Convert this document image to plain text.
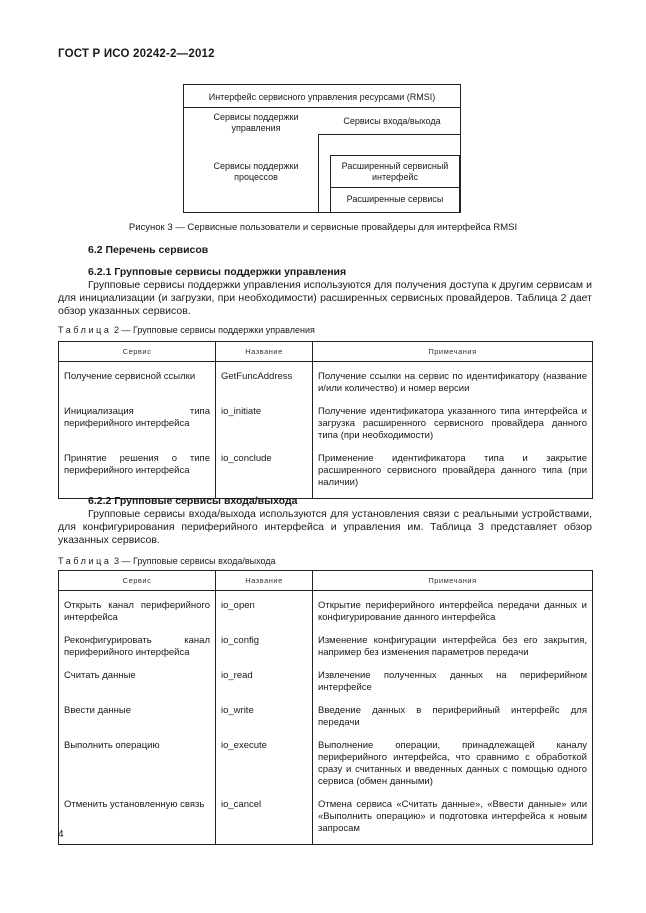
ГОСТ Р ИСО 20242-2—2012
Интерфейс сервисного управления ресурсами (RMSI)
Сервисы поддержки управления
Сервисы поддержки процессов
Сервисы входа/выхода
Расширенный сервисный интерфейс
Расширенные сервисы
Рисунок 3 — Сервисные пользователи и сервисные провайдеры для интерфейса RMSI
6.2 Перечень сервисов
6.2.1 Групповые сервисы поддержки управления
Групповые сервисы поддержки управления используются для получения доступа к другим сервисам и для инициализации (и загрузки, при необходимости) расширенных сервисных провайдеров. Таблица 2 дает обзор указанных сервисов.
Таблица 2 — Групповые сервисы поддержки управления
Сервис	Название	Примечания

Получение сервисной ссылки	GetFuncAddress	Получение ссылки на сервис по идентификатору (название и/или количество) и номер версии

Инициализация типа периферийного интерфейса	io_initiate	Получение идентификатора указанного типа интерфейса и загрузка расширенного сервисного провайдера данного типа (при необходимости)

Принятие решения о типе периферийного интерфейса	io_conclude	Применение идентификатора типа и закрытие расширенного сервисного провайдера данного типа (при наличии)

6.2.2 Групповые сервисы входа/выхода
Групповые сервисы входа/выхода используются для установления связи с реальными устройствами, для конфигурирования периферийного интерфейса и управления им. Таблица 3 представляет обзор указанных сервисов.
Таблица 3 — Групповые сервисы входа/выхода
Сервис	Название	Примечания

Открыть канал периферийного интерфейса	io_open	Открытие периферийного интерфейса передачи данных и конфигурирование данного интерфейса

Реконфигурировать канал периферийного интерфейса	io_config	Изменение конфигурации интерфейса без его закрытия, например без изменения параметров передачи

Считать данные	io_read	Извлечение полученных данных на периферийном интерфейсе

Ввести данные	io_write	Введение данных в периферийный интерфейс для передачи

Выполнить операцию	io_execute	Выполнение операции, принадлежащей каналу периферийного интерфейса, что сравнимо с обработкой сразу и считанных и введенных данных с помощью одного сервиса (обмен данными)

Отменить установленную связь	io_cancel	Отмена сервиса «Считать данные», «Ввести данные» или «Выполнить операцию» и подготовка интерфейса к новым запросам

4
